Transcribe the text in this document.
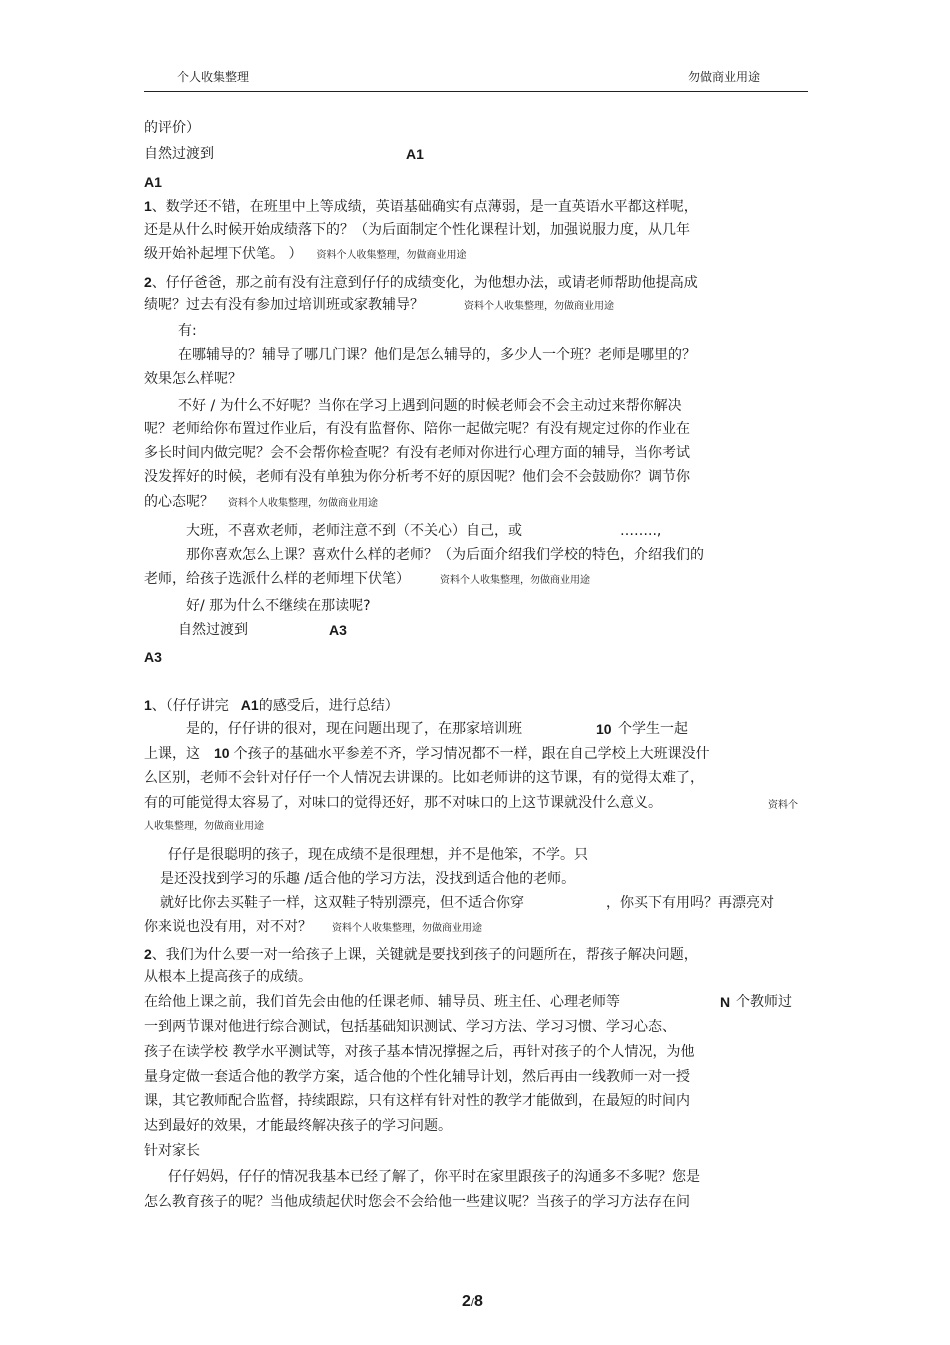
个人收集整理	勿做商业用途
的评价）
自然过渡到	A1
A1
1、数学还不错，在班里中上等成绩，英语基础确实有点薄弱，是一直英语水平都这样呢，
还是从什么时候开始成绩落下的？（为后面制定个性化课程计划，加强说服力度，从几年
级开始补起埋下伏笔。 ） 资料个人收集整理，勿做商业用途
2、仔仔爸爸，那之前有没有注意到仔仔的成绩变化，为他想办法，或请老师帮助他提高成
绩呢？过去有没有参加过培训班或家教辅导？	资料个人收集整理，勿做商业用途
有:
在哪辅导的？辅导了哪几门课？他们是怎么辅导的，多少人一个班？老师是哪里的？
效果怎么样呢？
不好 / 为什么不好呢？当你在学习上遇到问题的时候老师会不会主动过来帮你解决
呢？老师给你布置过作业后，有没有监督你、陪你一起做完呢？有没有规定过你的作业在
多长时间内做完呢？会不会帮你检查呢？有没有老师对你进行心理方面的辅导，当你考试
没发挥好的时候，老师有没有单独为你分析考不好的原因呢？他们会不会鼓励你？调节你
的心态呢？ 资料个人收集整理，勿做商业用途
大班，不喜欢老师，老师注意不到（不关心）自己，或	……..,
那你喜欢怎么上课？喜欢什么样的老师？（为后面介绍我们学校的特色，介绍我们的
老师，给孩子选派什么样的老师埋下伏笔）	资料个人收集整理，勿做商业用途
好/ 那为什么不继续在那读呢?
自然过渡到	A3
A3
1、（仔仔讲完 A1的感受后，进行总结）
是的，仔仔讲的很对，现在问题出现了，在那家培训班	10 个学生一起
上课，这 10 个孩子的基础水平参差不齐，学习情况都不一样，跟在自己学校上大班课没什
么区别，老师不会针对仔仔一个人情况去讲课的。比如老师讲的这节课，有的觉得太难了，
有的可能觉得太容易了，对味口的觉得还好，那不对味口的上这节课就没什么意义。	资料个
人收集整理，勿做商业用途
仔仔是很聪明的孩子，现在成绩不是很理想，并不是他笨，不学。只
是还没找到学习的乐趣 /适合他的学习方法，没找到适合他的老师。
就好比你去买鞋子一样，这双鞋子特别漂亮，但不适合你穿	，你买下有用吗？再漂亮对
你来说也没有用，对不对？ 资料个人收集整理，勿做商业用途
2、我们为什么要一对一给孩子上课，关键就是要找到孩子的问题所在，帮孩子解决问题，
从根本上提高孩子的成绩。
在给他上课之前，我们首先会由他的任课老师、辅导员、班主任、心理老师等	N 个教师过
一到两节课对他进行综合测试，包括基础知识测试、学习方法、学习习惯、学习心态、
孩子在读学校 教学水平测试等，对孩子基本情况撑握之后，再针对孩子的个人情况，为他
量身定做一套适合他的教学方案，适合他的个性化辅导计划，然后再由一线教师一对一授
课，其它教师配合监督，持续跟踪，只有这样有针对性的教学才能做到，在最短的时间内
达到最好的效果，才能最终解决孩子的学习问题。
针对家长
仔仔妈妈，仔仔的情况我基本已经了解了，你平时在家里跟孩子的沟通多不多呢？您是
怎么教育孩子的呢？当他成绩起伏时您会不会给他一些建议呢？当孩子的学习方法存在问
2/8
